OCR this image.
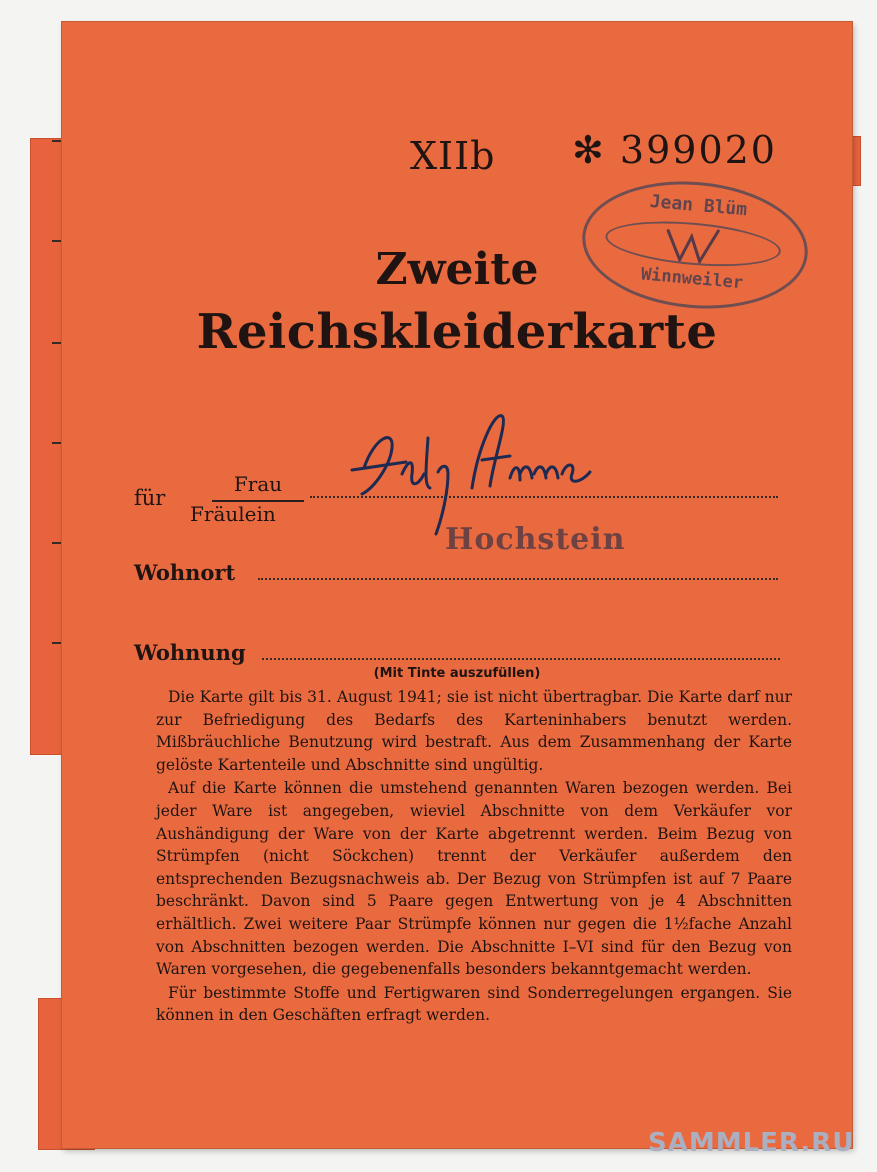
XIIb ✻ 399020
Jean Blüm
Winnweiler
Zweite
Reichskleiderkarte
für
Frau
Fräulein
Wohnort
Hochstein
Wohnung
(Mit Tinte auszufüllen)

Die Karte gilt bis 31. August 1941; sie ist nicht übertragbar. Die Karte darf nur zur Befriedigung des Bedarfs des Karteninhabers benutzt werden. Mißbräuchliche Benutzung wird bestraft. Aus dem Zusammenhang der Karte gelöste Kartenteile und Abschnitte sind ungültig.

Auf die Karte können die umstehend genannten Waren bezogen werden. Bei jeder Ware ist angegeben, wieviel Abschnitte von dem Verkäufer vor Aushändigung der Ware von der Karte abgetrennt werden. Beim Bezug von Strümpfen (nicht Söckchen) trennt der Verkäufer außerdem den entsprechenden Bezugsnachweis ab. Der Bezug von Strümpfen ist auf 7 Paare beschränkt. Davon sind 5 Paare gegen Entwertung von je 4 Abschnitten erhältlich. Zwei weitere Paar Strümpfe können nur gegen die 1½fache Anzahl von Abschnitten bezogen werden. Die Abschnitte I–VI sind für den Bezug von Waren vorgesehen, die gegebenenfalls besonders bekanntgemacht werden.

Für bestimmte Stoffe und Fertigwaren sind Sonderregelungen ergangen. Sie können in den Geschäften erfragt werden.

SAMMLER.RU
